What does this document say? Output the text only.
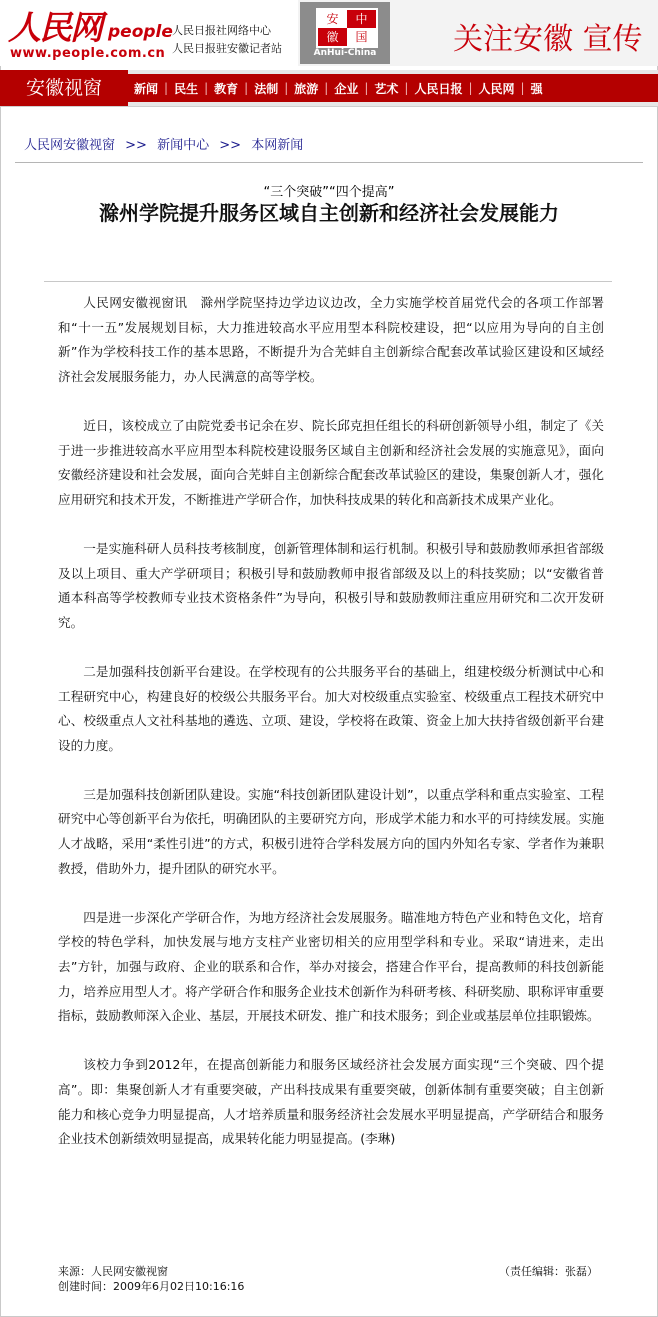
人民网 people
www.people.com.cn
人民日报社网络中心
人民日报驻安徽记者站
安	中
徽	国
AnHui-China	关注安徽 宣传
安徽视窗	新闻 | 民生 | 教育 | 法制 | 旅游 | 企业 | 艺术 | 人民日报 | 人民网 | 强
人民网安徽视窗 >> 新闻中心 >> 本网新闻
“三个突破”“四个提高”
滁州学院提升服务区域自主创新和经济社会发展能力

人民网安徽视窗讯　滁州学院坚持边学边议边改，全力实施学校首届党代会的各项工作部署和“十一五”发展规划目标，大力推进较高水平应用型本科院校建设，把“以应用为导向的自主创新”作为学校科技工作的基本思路，不断提升为合芜蚌自主创新综合配套改革试验区建设和区域经济社会发展服务能力，办人民满意的高等学校。

近日，该校成立了由院党委书记余在岁、院长邱克担任组长的科研创新领导小组，制定了《关于进一步推进较高水平应用型本科院校建设服务区域自主创新和经济社会发展的实施意见》，面向安徽经济建设和社会发展，面向合芜蚌自主创新综合配套改革试验区的建设，集聚创新人才，强化应用研究和技术开发，不断推进产学研合作，加快科技成果的转化和高新技术成果产业化。

一是实施科研人员科技考核制度，创新管理体制和运行机制。积极引导和鼓励教师承担省部级及以上项目、重大产学研项目；积极引导和鼓励教师申报省部级及以上的科技奖励；以“安徽省普通本科高等学校教师专业技术资格条件”为导向，积极引导和鼓励教师注重应用研究和二次开发研究。

二是加强科技创新平台建设。在学校现有的公共服务平台的基础上，组建校级分析测试中心和工程研究中心，构建良好的校级公共服务平台。加大对校级重点实验室、校级重点工程技术研究中心、校级重点人文社科基地的遴选、立项、建设，学校将在政策、资金上加大扶持省级创新平台建设的力度。

三是加强科技创新团队建设。实施“科技创新团队建设计划”，以重点学科和重点实验室、工程研究中心等创新平台为依托，明确团队的主要研究方向，形成学术能力和水平的可持续发展。实施人才战略，采用“柔性引进”的方式，积极引进符合学科发展方向的国内外知名专家、学者作为兼职教授，借助外力，提升团队的研究水平。

四是进一步深化产学研合作，为地方经济社会发展服务。瞄准地方特色产业和特色文化，培育学校的特色学科，加快发展与地方支柱产业密切相关的应用型学科和专业。采取“请进来，走出去”方针，加强与政府、企业的联系和合作，举办对接会，搭建合作平台，提高教师的科技创新能力，培养应用型人才。将产学研合作和服务企业技术创新作为科研考核、科研奖励、职称评审重要指标，鼓励教师深入企业、基层，开展技术研发、推广和技术服务；到企业或基层单位挂职锻炼。

该校力争到2012年，在提高创新能力和服务区域经济社会发展方面实现“三个突破、四个提高”。即：集聚创新人才有重要突破，产出科技成果有重要突破，创新体制有重要突破；自主创新能力和核心竞争力明显提高，人才培养质量和服务经济社会发展水平明显提高，产学研结合和服务企业技术创新绩效明显提高，成果转化能力明显提高。(李琳)

来源：人民网安徽视窗
创建时间：2009年6月02日10:16:16
（责任编辑：张磊）
